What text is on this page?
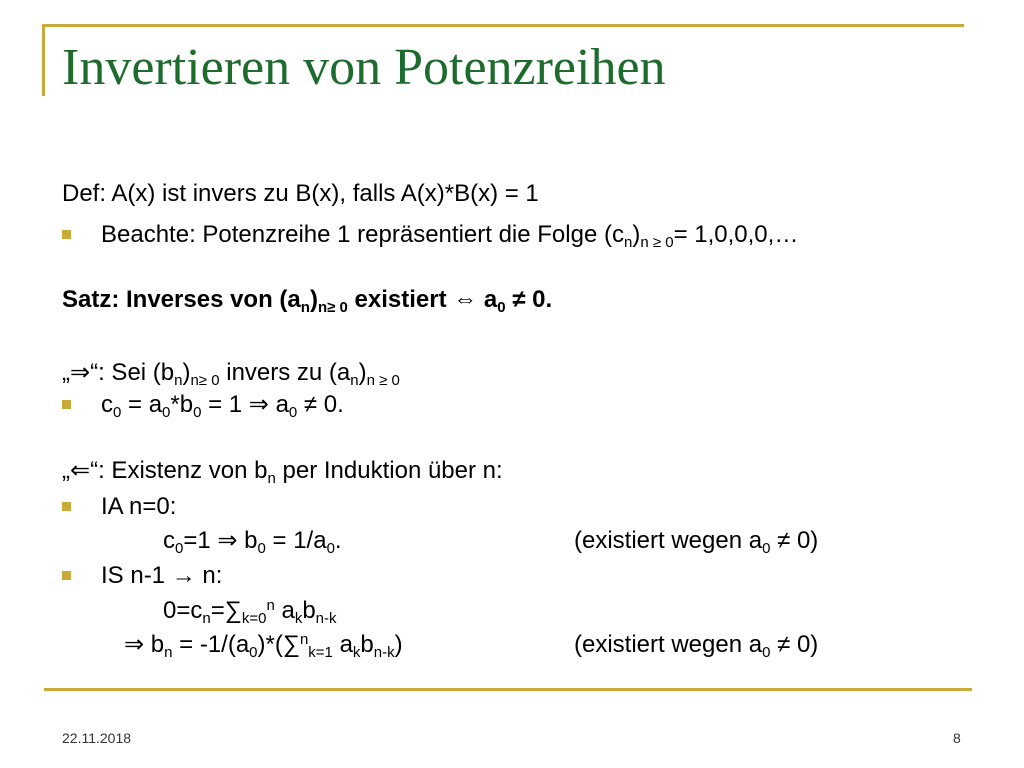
Invertieren von Potenzreihen
Def: A(x) ist invers zu B(x), falls A(x)*B(x) = 1
Beachte: Potenzreihe 1 repräsentiert die Folge $(c_n)_{n \ge 0}=$ 1,0,0,0,…
Satz: Inverses von $(a_n)_{n\ge 0}$ existiert ⇔ $a_0 \ne 0$.
„⇒“: Sei $(b_n)_{n\ge 0}$ invers zu $(a_n)_{n \ge 0}$
$c_0 = a_0*b_0 = 1$ ⇒ $a_0 \ne 0$.
„⇐“: Existenz von $b_n$ per Induktion über n:
IA n=0:
$c_0=1$ ⇒ $b_0 = 1/a_0$.	(existiert wegen $a_0 \ne 0$)
IS n-1 → n:
$0=c_n=\sum_{k=0}^n$ $a_kb_{n-k}$
⇒ $b_n = -1/(a_0)*(\sum^n_{k=1}$ $a_kb_{n-k}$)	(existiert wegen $a_0 \ne 0$)
22.11.2018	8
